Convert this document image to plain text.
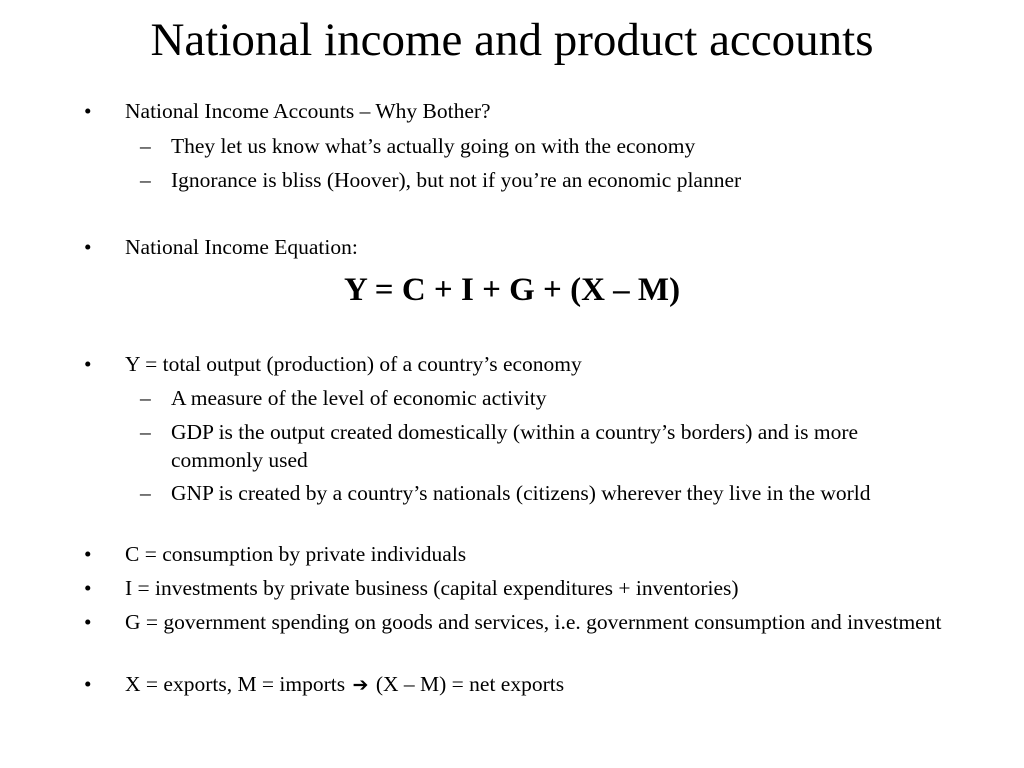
National income and product accounts
•	National Income Accounts – Why Bother?
– They let us know what’s actually going on with the economy
– Ignorance is bliss (Hoover), but not if you’re an economic planner
•	National Income Equation:
Y = C + I + G + (X – M)
•	Y = total output (production) of a country’s economy
– A measure of the level of economic activity
– GDP is the output created domestically (within a country’s borders) and is more commonly used
– GNP is created by a country’s nationals (citizens) wherever they live in the world
•	C = consumption by private individuals
•	I = investments by private business (capital expenditures + inventories)
•	G = government spending on goods and services, i.e. government consumption and investment
•	X = exports, M = imports ➔ (X – M) = net exports
